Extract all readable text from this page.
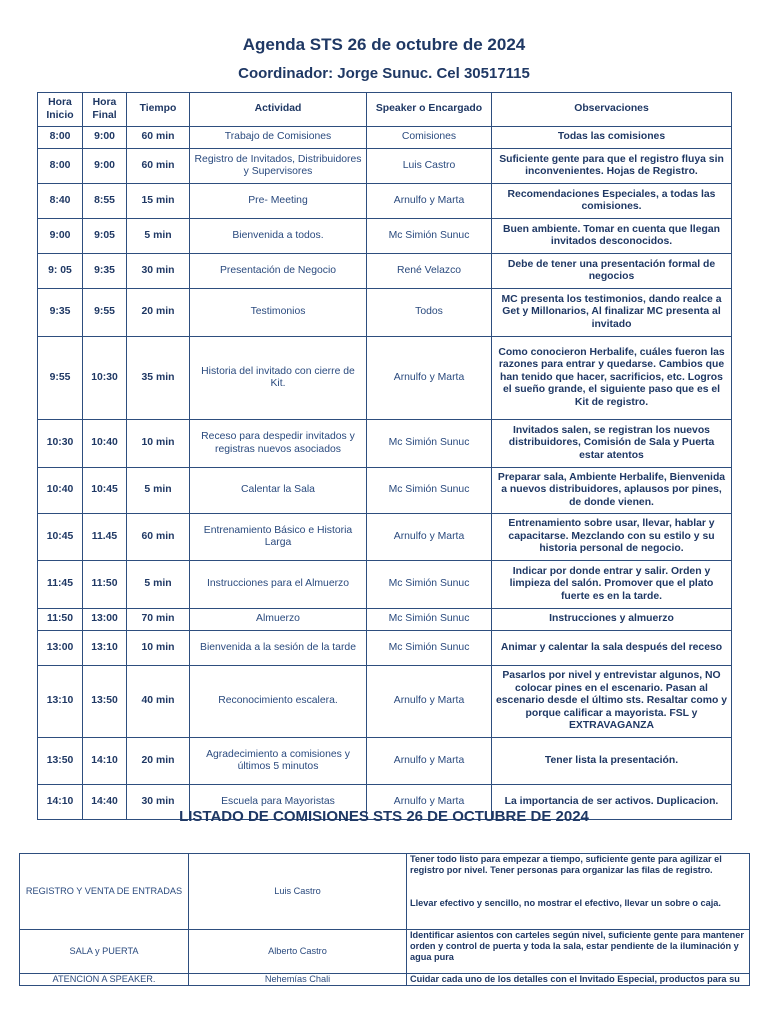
Agenda STS 26 de octubre de 2024
Coordinador: Jorge Sunuc. Cel 30517115
Hora Inicio	Hora Final	Tiempo	Actividad	Speaker o Encargado	Observaciones
8:00	9:00	60 min	Trabajo de Comisiones	Comisiones	Todas las comisiones
8:00	9:00	60 min	Registro de Invitados, Distribuidores y Supervisores	Luis Castro	Suficiente gente para que el registro fluya sin inconvenientes. Hojas de Registro.
8:40	8:55	15 min	Pre- Meeting	Arnulfo y Marta	Recomendaciones Especiales, a todas las comisiones.
9:00	9:05	5 min	Bienvenida a todos.	Mc Simión Sunuc	Buen ambiente. Tomar en cuenta que llegan invitados desconocidos.
9: 05	9:35	30 min	Presentación de Negocio	René Velazco	Debe de tener una presentación formal de negocios
9:35	9:55	20 min	Testimonios	Todos	MC presenta los testimonios, dando realce a Get y Millonarios, Al finalizar MC presenta al invitado
9:55	10:30	35 min	Historia del invitado con cierre de Kit.	Arnulfo y Marta	Como conocieron Herbalife, cuáles fueron las razones para entrar y quedarse. Cambios que han tenido que hacer, sacrificios, etc. Logros el sueño grande, el siguiente paso que es el Kit de registro.
10:30	10:40	10 min	Receso para despedir invitados y registras nuevos asociados	Mc Simión Sunuc	Invitados salen, se registran los nuevos distribuidores, Comisión de Sala y Puerta estar atentos
10:40	10:45	5 min	Calentar la Sala	Mc Simión Sunuc	Preparar sala, Ambiente Herbalife, Bienvenida a nuevos distribuidores, aplausos por pines, de donde vienen.
10:45	11.45	60 min	Entrenamiento Básico e Historia Larga	Arnulfo y Marta	Entrenamiento sobre usar, llevar, hablar y capacitarse. Mezclando con su estilo y su historia personal de negocio.
11:45	11:50	5 min	Instrucciones para el Almuerzo	Mc Simión Sunuc	Indicar por donde entrar y salir. Orden y limpieza del salón. Promover que el plato fuerte es en la tarde.
11:50	13:00	70 min	Almuerzo	Mc Simión Sunuc	Instrucciones y almuerzo
13:00	13:10	10 min	Bienvenida a la sesión de la tarde	Mc Simión Sunuc	Animar y calentar la sala después del receso
13:10	13:50	40 min	Reconocimiento escalera.	Arnulfo y Marta	Pasarlos por nivel y entrevistar algunos, NO colocar pines en el escenario. Pasan al escenario desde el último sts. Resaltar como y porque calificar a mayorista. FSL y EXTRAVAGANZA
13:50	14:10	20 min	Agradecimiento a comisiones y últimos 5 minutos	Arnulfo y Marta	Tener lista la presentación.
14:10	14:40	30 min	Escuela para Mayoristas	Arnulfo y Marta	La importancia de ser activos. Duplicacion.
LISTADO DE COMISIONES STS 26 DE OCTUBRE DE 2024
REGISTRO Y VENTA DE ENTRADAS	Luis Castro	Tener todo listo para empezar a tiempo, suficiente gente para agilizar el registro por nivel. Tener personas para organizar las filas de registro.
Llevar efectivo y sencillo, no mostrar el efectivo, llevar un sobre o caja.

SALA y PUERTA	Alberto Castro	Identificar asientos con carteles según nivel, suficiente gente para mantener orden y control de puerta y toda la sala, estar pendiente de la iluminación y agua pura

ATENCION A SPEAKER.	Nehemías Chali	Cuidar cada uno de los detalles con el Invitado Especial, productos para su
